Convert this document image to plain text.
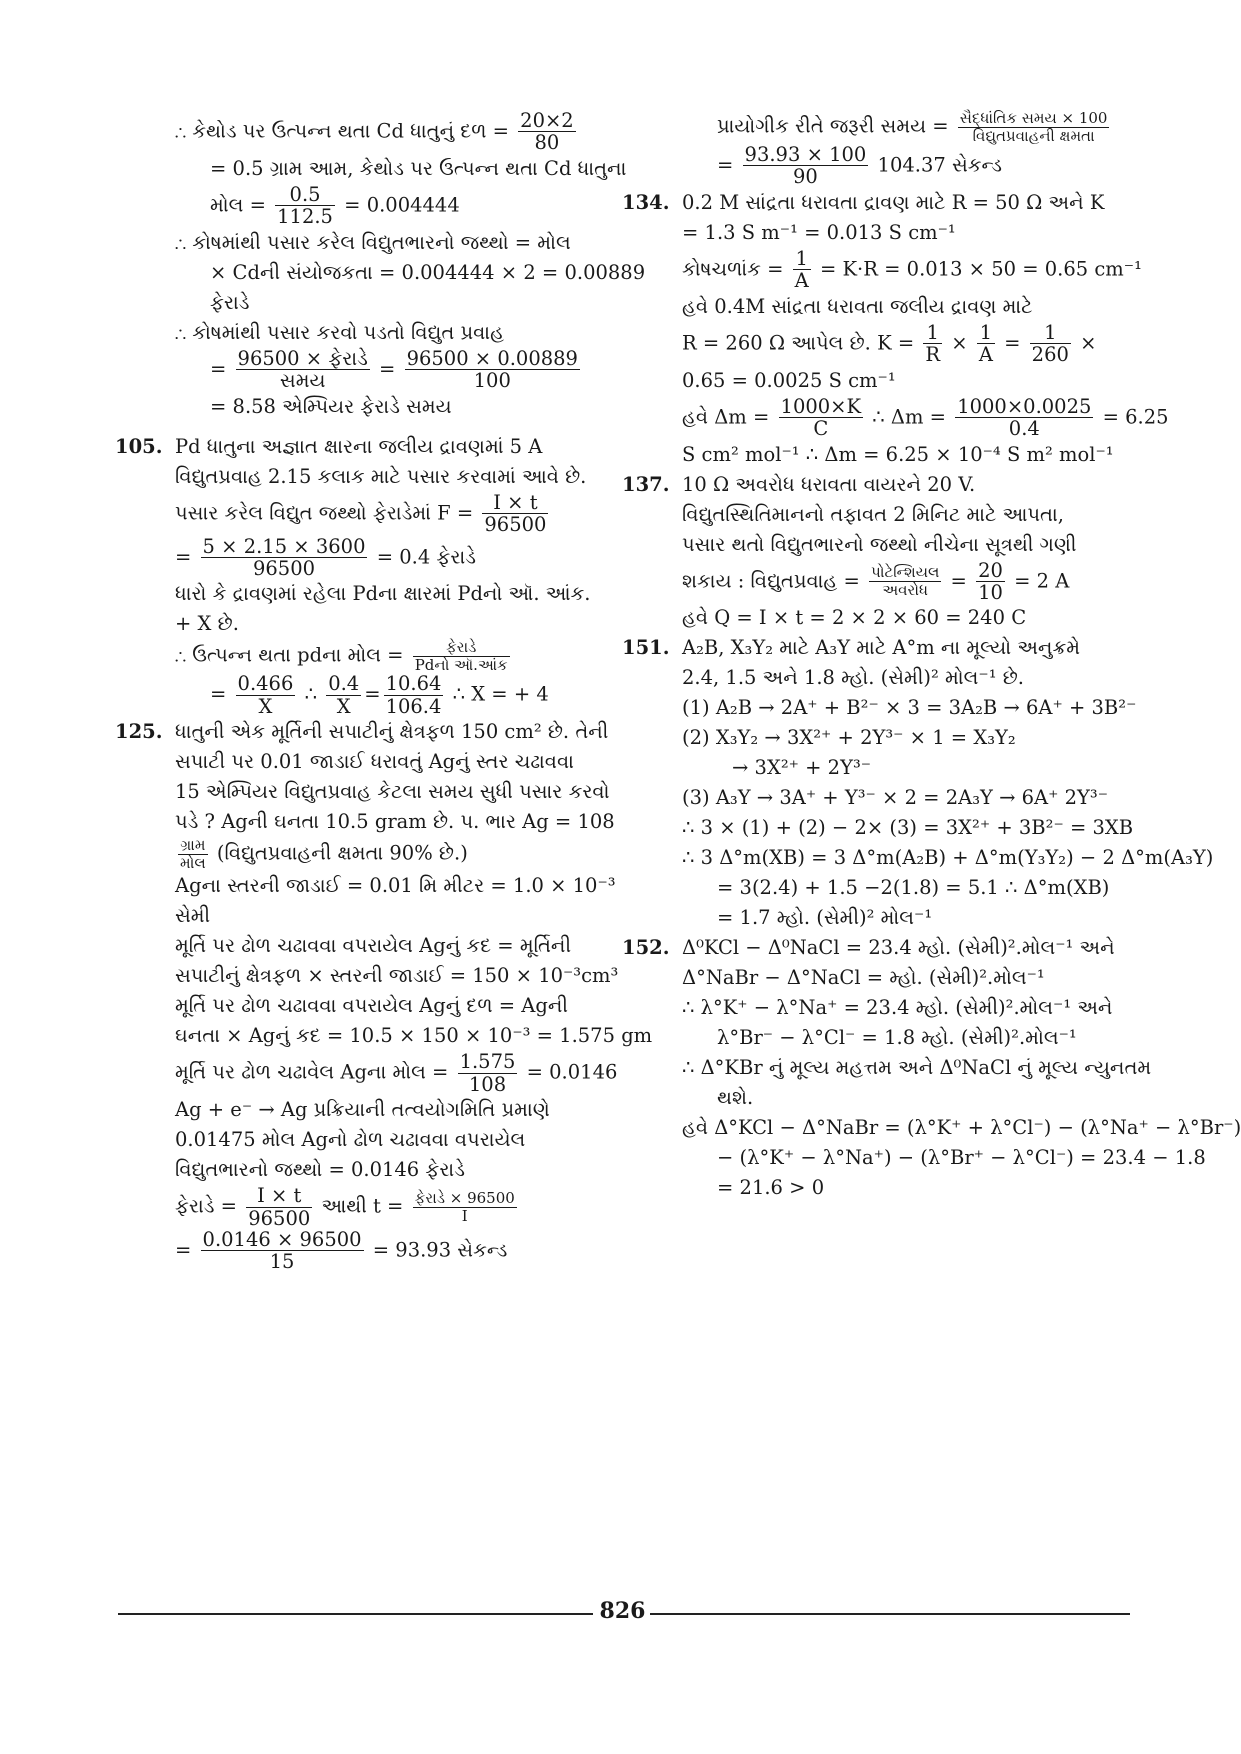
∴ કેથોડ પર ઉત્પન્ન થતા Cd ધાતુનું દળ = $\frac{20\times 2}{80}$
= 0.5 ગ્રામ આમ, કેથોડ પર ઉત્પન્ન થતા Cd ધાતુના
મોલ = $\frac{0.5}{112.5} = 0.004444$
∴ કોષમાંથી પસાર કરેલ વિદ્યુતભારનો જથ્થો = મોલ
× Cdની સંયોજકતા = 0.004444 × 2 = 0.00889
ફેરાડે
∴ કોષમાંથી પસાર કરવો પડતો વિદ્યુત પ્રવાહ
= $\frac{\text{96500 × ફેરાડે}}{\text{સમય}} = \frac{96500 \times 0.00889}{100}$
= 8.58 એમ્પિયર ફેરાડે સમય
105. Pd ધાતુના અજ્ઞાત ક્ષારના જલીય દ્રાવણમાં 5 A
વિદ્યુતપ્રવાહ 2.15 કલાક માટે પસાર કરવામાં આવે છે.
પસાર કરેલ વિદ્યુત જથ્થો ફેરાડેમાં $F = \frac{I \times t}{96500}$
= $\frac{5 \times 2.15 \times 3600}{96500} = 0.4$ ફેરાડે
ધારો કે દ્રાવણમાં રહેલા Pdના ક્ષારમાં Pdનો ઑ. આંક.
+ X છે.
∴ ઉત્પન્ન થતા pdના મોલ = $\frac{\text{ફેરાડે}}{\text{Pdનો ઑ.આંક}}$
= $\frac{0.466}{X}$ ∴ $\frac{0.4}{X} = \frac{10.64}{106.4}$ ∴ X = + 4
125. ધાતુની એક મૂર્તિની સપાટીનું ક્ષેત્રફળ 150 cm² છે. તેની
સપાટી પર 0.01 જાડાઈ ધરાવતું Agનું સ્તર ચઢાવવા
15 એમ્પિયર વિદ્યુતપ્રવાહ કેટલા સમય સુધી પસાર કરવો
પડે ? Agની ઘનતા 10.5 gram છે. પ. ભાર Ag = 108
$\frac{\text{ગ્રામ}}{\text{મોલ}}$ (વિદ્યુતપ્રવાહની ક્ષમતા 90% છે.)
Agના સ્તરની જાડાઈ = 0.01 મિ મીટર = 1.0 × 10⁻³
સેમી
મૂર્તિ પર ઢોળ ચઢાવવા વપરાયેલ Agનું કદ = મૂર્તિની
સપાટીનું ક્ષેત્રફળ × સ્તરની જાડાઈ = 150 × 10⁻³cm³
મૂર્તિ પર ઢોળ ચઢાવવા વપરાયેલ Agનું દળ = Agની
ઘનતા × Agનું કદ = 10.5 × 150 × 10⁻³ = 1.575 gm
મૂર્તિ પર ઢોળ ચઢાવેલ Agના મોલ = $\frac{1.575}{108} = 0.0146$
Ag + e⁻ → Ag પ્રક્રિયાની તત્વયોગમિતિ પ્રમાણે
0.01475 મોલ Agનો ઢોળ ચઢાવવા વપરાયેલ
વિદ્યુતભારનો જથ્થો = 0.0146 ફેરાડે
ફેરાડે = $\frac{I \times t}{96500}$ આથી $t = \frac{\text{ફેરાડે × 96500}}{I}$
= $\frac{0.0146 \times 96500}{15} = 93.93$ સેકન્ડ
પ્રાયોગીક રીતે જરૂરી સમય = $\frac{\text{સૈદ્ધાંતિક સમય × 100}}{\text{વિદ્યુતપ્રવાહની ક્ષમતા}}$
= $\frac{93.93 \times 100}{90} 104.37$ સેકન્ડ
134. 0.2 M સાંદ્રતા ધરાવતા દ્રાવણ માટે R = 50 Ω અને K
= 1.3 S m⁻¹ = 0.013 S cm⁻¹
કોષચળાંક = $\frac{1}{A} = K\cdot R = 0.013 \times 50 = 0.65$ cm⁻¹
હવે 0.4M સાંદ્રતા ધરાવતા જલીય દ્રાવણ માટે
R = 260 Ω આપેલ છે. $K = \frac{1}{R} \times \frac{1}{A} = \frac{1}{260}$ ×
0.65 = 0.0025 S cm⁻¹
હવે $\Delta m = \frac{1000\times K}{C}$ ∴ $\Delta m = \frac{1000\times 0.0025}{0.4} = 6.25$
S cm² mol⁻¹ ∴ Δm = 6.25 × 10⁻⁴ S m² mol⁻¹
137. 10 Ω અવરોધ ધરાવતા વાયરને 20 V.
વિદ્યુતસ્થિતિમાનનો તફાવત 2 મિનિટ માટે આપતા,
પસાર થતો વિદ્યુતભારનો જથ્થો નીચેના સૂત્રથી ગણી
શકાય : વિદ્યુતપ્રવાહ = $\frac{\text{પોટેન્શિયલ}}{\text{અવરોધ}} = \frac{20}{10} = 2$ A
હવે Q = I × t = 2 × 2 × 60 = 240 C
151. A₂B, X₃Y₂ માટે A₃Y માટે A°m ના મૂલ્યો અનુક્રમે
2.4, 1.5 અને 1.8 મ્હો. (સેમી)² મોલ⁻¹ છે.
(1) A₂B → 2A⁺ + B²⁻ × 3 = 3A₂B → 6A⁺ + 3B²⁻
(2) X₃Y₂ → 3X²⁺ + 2Y³⁻ × 1 = X₃Y₂
→ 3X²⁺ + 2Y³⁻
(3) A₃Y → 3A⁺ + Y³⁻ × 2 = 2A₃Y → 6A⁺ 2Y³⁻
∴ 3 × (1) + (2) − 2× (3) = 3X²⁺ + 3B²⁻ = 3XB
∴ 3 Δ°m(XB) = 3 Δ°m(A₂B) + Δ°m(Y₃Y₂) − 2 Δ°m(A₃Y)
= 3(2.4) + 1.5 −2(1.8) = 5.1 ∴ Δ°m(XB)
= 1.7 મ્હો. (સેમી)² મોલ⁻¹
152. Δ⁰KCl − Δ⁰NaCl = 23.4 મ્હો. (સેમી)².મોલ⁻¹ અને
Δ°NaBr − Δ°NaCl = મ્હો. (સેમી)².મોલ⁻¹
∴ λ°K⁺ − λ°Na⁺ = 23.4 મ્હો. (સેમી)².મોલ⁻¹ અને
λ°Br⁻ − λ°Cl⁻ = 1.8 મ્હો. (સેમી)².મોલ⁻¹
∴ Δ°KBr નું મૂલ્ય મહત્તમ અને Δ⁰NaCl નું મૂલ્ય ન્યુનતમ
થશે.
હવે Δ°KCl − Δ°NaBr = (λ°K⁺ + λ°Cl⁻) − (λ°Na⁺ − λ°Br⁻)
− (λ°K⁺ − λ°Na⁺) − (λ°Br⁺ − λ°Cl⁻) = 23.4 − 1.8
= 21.6 > 0
826
